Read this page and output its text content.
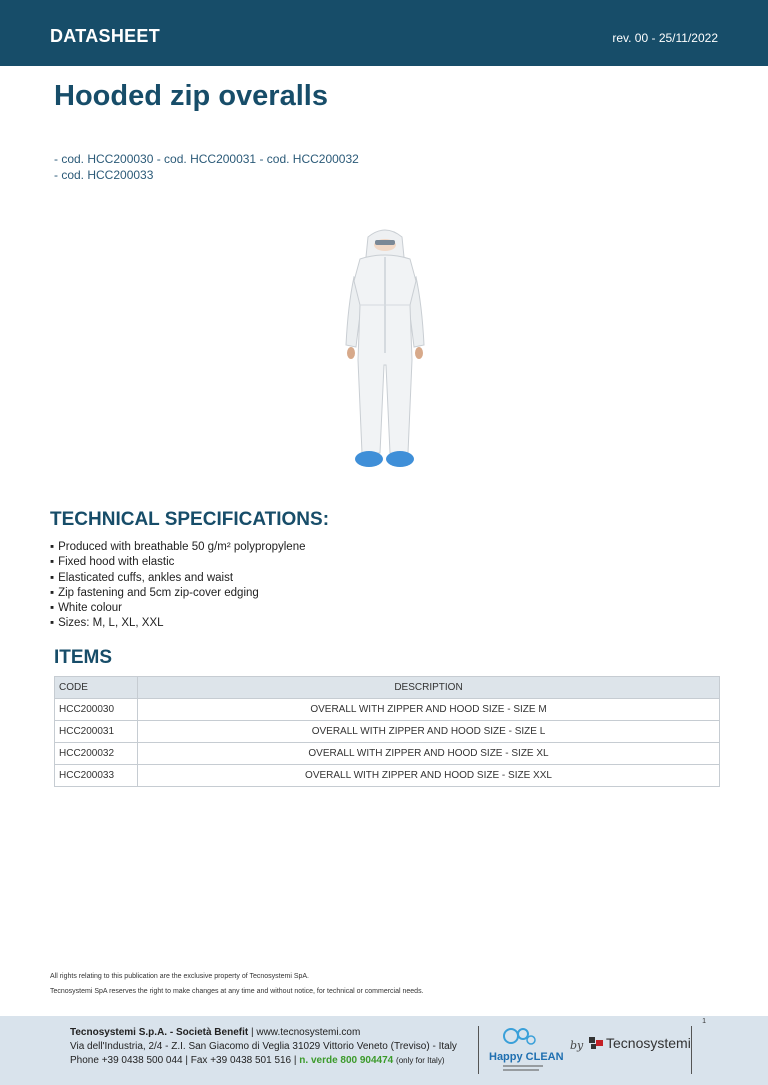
DATASHEET	rev. 00 - 25/11/2022
Hooded zip overalls
- cod. HCC200030 - cod. HCC200031 - cod. HCC200032
- cod. HCC200033
TECHNICAL SPECIFICATIONS:
▪ Produced with breathable 50 g/m² polypropylene
▪ Fixed hood with elastic
▪ Elasticated cuffs, ankles and waist
▪ Zip fastening and 5cm zip-cover edging
▪ White colour
▪ Sizes: M, L, XL, XXL
ITEMS
CODE	DESCRIPTION
HCC200030	OVERALL WITH ZIPPER AND HOOD SIZE - SIZE M
HCC200031	OVERALL WITH ZIPPER AND HOOD SIZE - SIZE L
HCC200032	OVERALL WITH ZIPPER AND HOOD SIZE - SIZE XL
HCC200033	OVERALL WITH ZIPPER AND HOOD SIZE - SIZE XXL
All rights relating to this publication are the exclusive property of Tecnosystemi SpA.
Tecnosystemi SpA reserves the right to make changes at any time and without notice, for technical or commercial needs.
1
Tecnosystemi S.p.A. - Società Benefit | www.tecnosystemi.com
Via dell'Industria, 2/4 - Z.I. San Giacomo di Veglia 31029 Vittorio Veneto (Treviso) - Italy
Phone +39 0438 500 044 | Fax +39 0438 501 516 | n. verde 800 904474 (only for Italy)	Happy CLEAN
by	Tecnosystemi
